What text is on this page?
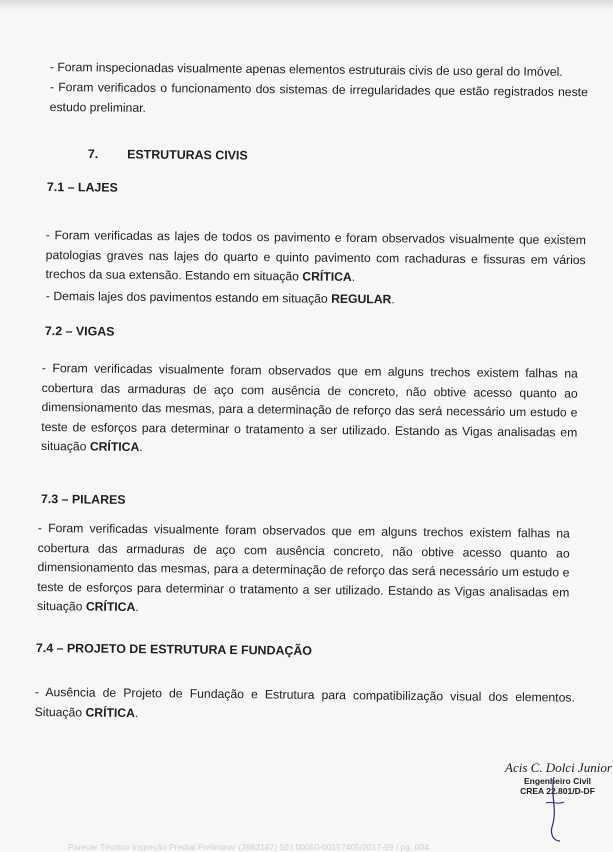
- Foram inspecionadas visualmente apenas elementos estruturais civis de uso geral do Imóvel.

- Foram verificados o funcionamento dos sistemas de irregularidades que estão registrados neste estudo preliminar.

7. ESTRUTURAS CIVIS
7.1 – LAJES

- Foram verificadas as lajes de todos os pavimento e foram observados visualmente que existem patologias graves nas lajes do quarto e quinto pavimento com rachaduras e fissuras em vários trechos da sua extensão. Estando em situação CRÍTICA.

- Demais lajes dos pavimentos estando em situação REGULAR.

7.2 – VIGAS

- Foram verificadas visualmente foram observados que em alguns trechos existem falhas na cobertura das armaduras de aço com ausência de concreto, não obtive acesso quanto ao dimensionamento das mesmas, para a determinação de reforço das será necessário um estudo e teste de esforços para determinar o tratamento a ser utilizado. Estando as Vigas analisadas em situação CRÍTICA.

7.3 – PILARES

- Foram verificadas visualmente foram observados que em alguns trechos existem falhas na cobertura das armaduras de aço com ausência concreto, não obtive acesso quanto ao dimensionamento das mesmas, para a determinação de reforço das será necessário um estudo e teste de esforços para determinar o tratamento a ser utilizado. Estando as Vigas analisadas em situação CRÍTICA.

7.4 – PROJETO DE ESTRUTURA E FUNDAÇÃO

- Ausência de Projeto de Fundação e Estrutura para compatibilização visual dos elementos. Situação CRÍTICA.

Acis C. Dolci Junior
Engenheiro Civil
CREA 22.801/D-DF
Parecer Técnico Inspeção Predial Preliminar (3883187) SEI 00050-00157405/2017-99 / pg. 004
